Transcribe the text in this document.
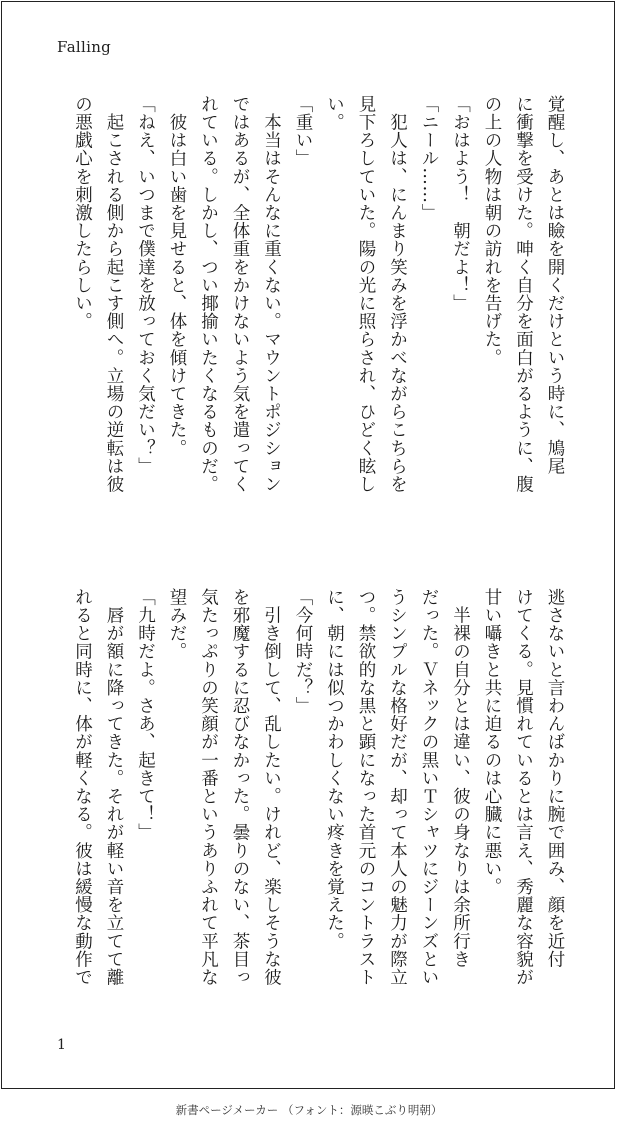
Falling
覚醒し、あとは瞼を開くだけという時に、鳩尾
に衝撃を受けた。呻く自分を面白がるように、腹
の上の人物は朝の訪れを告げた。
「おはよう！　朝だよ！」
「ニール……」
　犯人は、にんまり笑みを浮かべながらこちらを
見下ろしていた。陽の光に照らされ、ひどく眩し
い。
「重い」
　本当はそんなに重くない。マウントポジション
ではあるが、全体重をかけないよう気を遣ってく
れている。しかし、つい揶揄いたくなるものだ。
　彼は白い歯を見せると、体を傾けてきた。
「ねえ、いつまで僕達を放っておく気だい？」
　起こされる側から起こす側へ。立場の逆転は彼
の悪戯心を刺激したらしい。
逃さないと言わんばかりに腕で囲み、顔を近付
けてくる。見慣れているとは言え、秀麗な容貌が
甘い囁きと共に迫るのは心臓に悪い。
　半裸の自分とは違い、彼の身なりは余所行き
だった。Ｖネックの黒いＴシャツにジーンズとい
うシンプルな格好だが、却って本人の魅力が際立
つ。禁欲的な黒と顕になった首元のコントラスト
に、朝には似つかわしくない疼きを覚えた。
「今何時だ？」
　引き倒して、乱したい。けれど、楽しそうな彼
を邪魔するに忍びなかった。曇りのない、茶目っ
気たっぷりの笑顔が一番というありふれて平凡な
望みだ。
「九時だよ。さあ、起きて！」
　唇が額に降ってきた。それが軽い音を立てて離
れると同時に、体が軽くなる。彼は緩慢な動作で
1
新書ページメーカー （フォント：源暎こぶり明朝）
